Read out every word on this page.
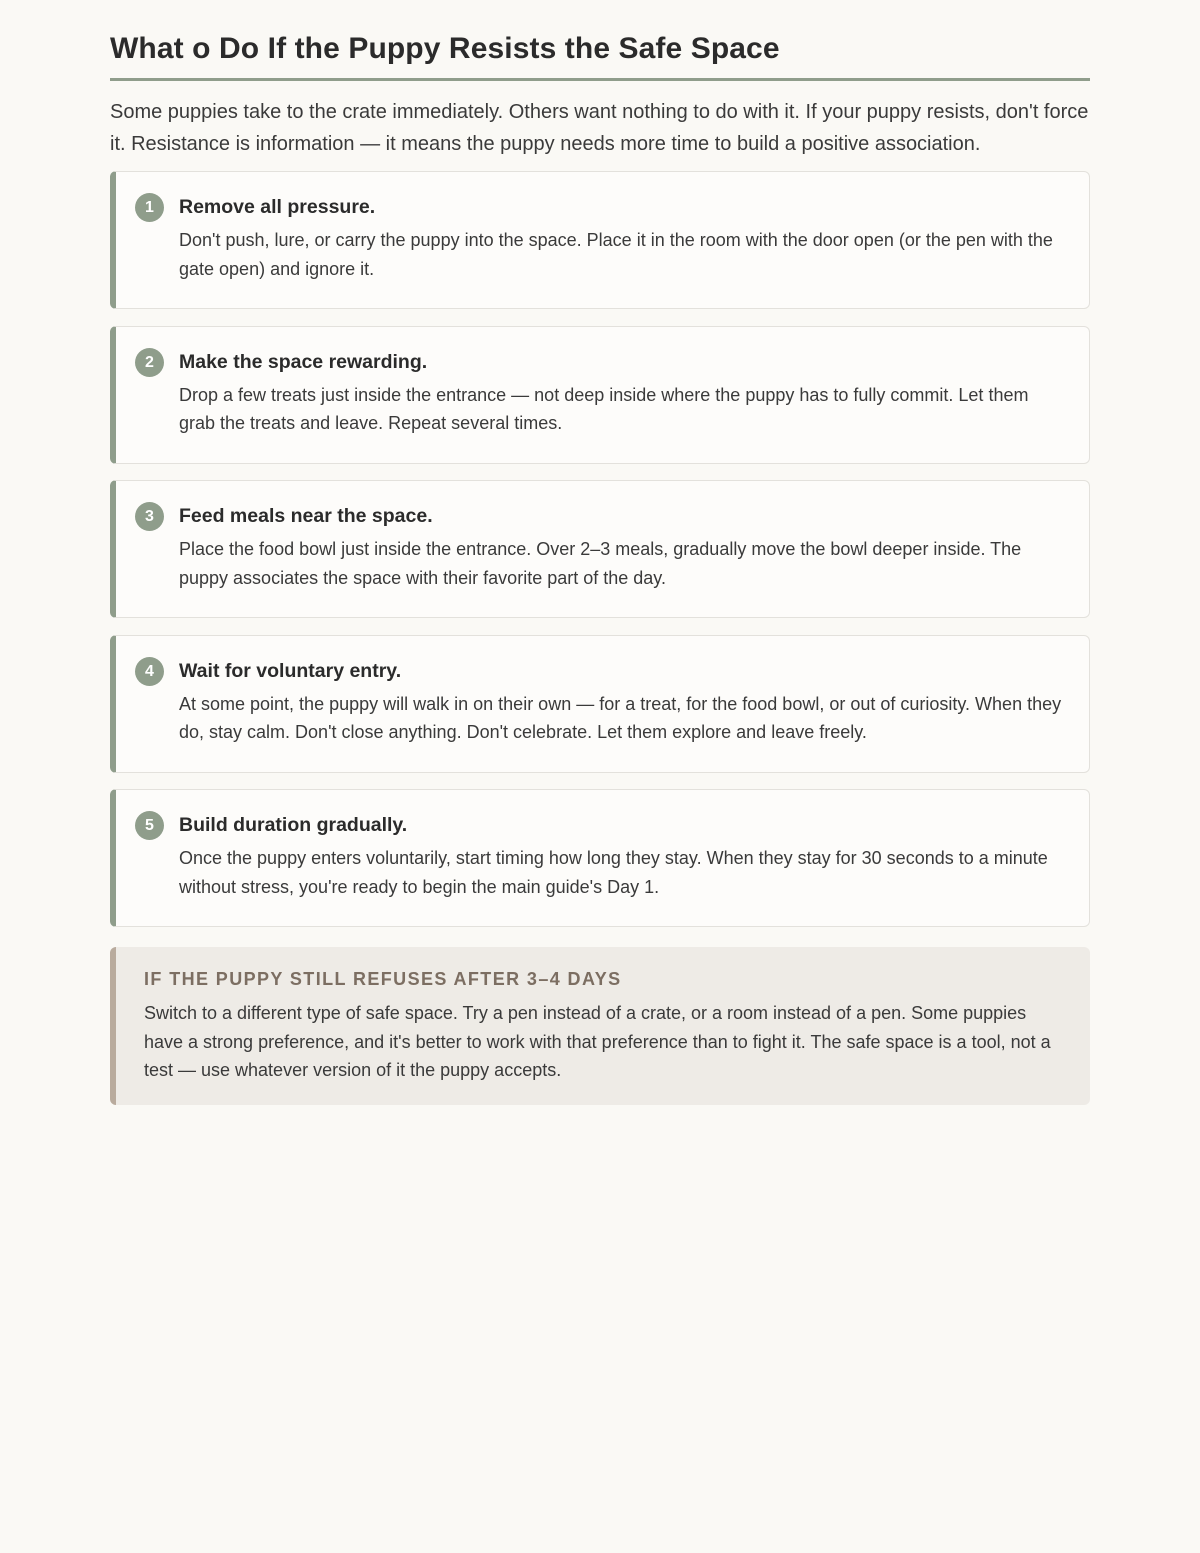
What o Do If the Puppy Resists the Safe Space

Some puppies take to the crate immediately. Others want nothing to do with it. If your puppy resists, don't force it. Resistance is information — it means the puppy needs more time to build a positive association.

1	Remove all pressure.
Don't push, lure, or carry the puppy into the space. Place it in the room with the door open (or the pen with the gate open) and ignore it.
2	Make the space rewarding.
Drop a few treats just inside the entrance — not deep inside where the puppy has to fully commit. Let them grab the treats and leave. Repeat several times.
3	Feed meals near the space.
Place the food bowl just inside the entrance. Over 2–3 meals, gradually move the bowl deeper inside. The puppy associates the space with their favorite part of the day.
4	Wait for voluntary entry.
At some point, the puppy will walk in on their own — for a treat, for the food bowl, or out of curiosity. When they do, stay calm. Don't close anything. Don't celebrate. Let them explore and leave freely.
5	Build duration gradually.
Once the puppy enters voluntarily, start timing how long they stay. When they stay for 30 seconds to a minute without stress, you're ready to begin the main guide's Day 1.
IF THE PUPPY STILL REFUSES AFTER 3–4 DAYS
Switch to a different type of safe space. Try a pen instead of a crate, or a room instead of a pen. Some puppies have a strong preference, and it's better to work with that preference than to fight it. The safe space is a tool, not a test — use whatever version of it the puppy accepts.
